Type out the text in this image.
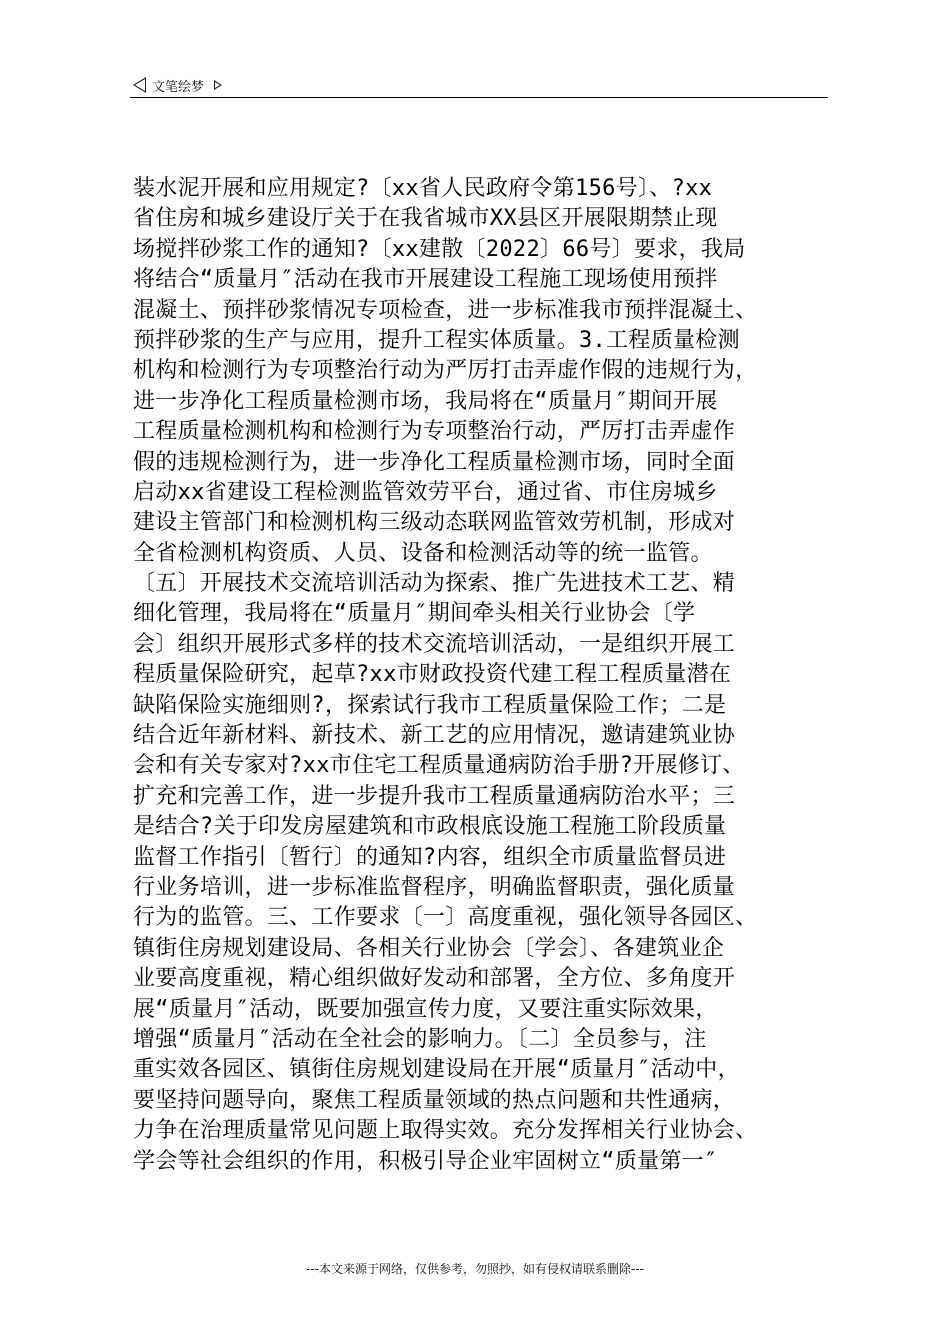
文笔绘梦
装水泥开展和应用规定?〔xx省人民政府令第156号〕、?xx
省住房和城乡建设厅关于在我省城市XX县区开展限期禁止现
场搅拌砂浆工作的通知?〔xx建散〔2022〕66号〕要求，我局
将结合“质量月″活动在我市开展建设工程施工现场使用预拌
混凝土、预拌砂浆情况专项检查，进一步标准我市预拌混凝土、
预拌砂浆的生产与应用，提升工程实体质量。3.工程质量检测
机构和检测行为专项整治行动为严厉打击弄虚作假的违规行为，
进一步净化工程质量检测市场，我局将在“质量月″期间开展
工程质量检测机构和检测行为专项整治行动，严厉打击弄虚作
假的违规检测行为，进一步净化工程质量检测市场，同时全面
启动xx省建设工程检测监管效劳平台，通过省、市住房城乡
建设主管部门和检测机构三级动态联网监管效劳机制，形成对
全省检测机构资质、人员、设备和检测活动等的统一监管。
〔五〕开展技术交流培训活动为探索、推广先进技术工艺、精
细化管理，我局将在“质量月″期间牵头相关行业协会〔学
会〕组织开展形式多样的技术交流培训活动，一是组织开展工
程质量保险研究，起草?xx市财政投资代建工程工程质量潜在
缺陷保险实施细则?，探索试行我市工程质量保险工作；二是
结合近年新材料、新技术、新工艺的应用情况，邀请建筑业协
会和有关专家对?xx市住宅工程质量通病防治手册?开展修订、
扩充和完善工作，进一步提升我市工程质量通病防治水平；三
是结合?关于印发房屋建筑和市政根底设施工程施工阶段质量
监督工作指引〔暂行〕的通知?内容，组织全市质量监督员进
行业务培训，进一步标准监督程序，明确监督职责，强化质量
行为的监管。三、工作要求〔一〕高度重视，强化领导各园区、
镇街住房规划建设局、各相关行业协会〔学会〕、各建筑业企
业要高度重视，精心组织做好发动和部署，全方位、多角度开
展“质量月″活动，既要加强宣传力度，又要注重实际效果，
增强“质量月″活动在全社会的影响力。〔二〕全员参与，注
重实效各园区、镇街住房规划建设局在开展“质量月″活动中，
要坚持问题导向，聚焦工程质量领域的热点问题和共性通病，
力争在治理质量常见问题上取得实效。充分发挥相关行业协会、
学会等社会组织的作用，积极引导企业牢固树立“质量第一″
---本文来源于网络，仅供参考，勿照抄，如有侵权请联系删除---
